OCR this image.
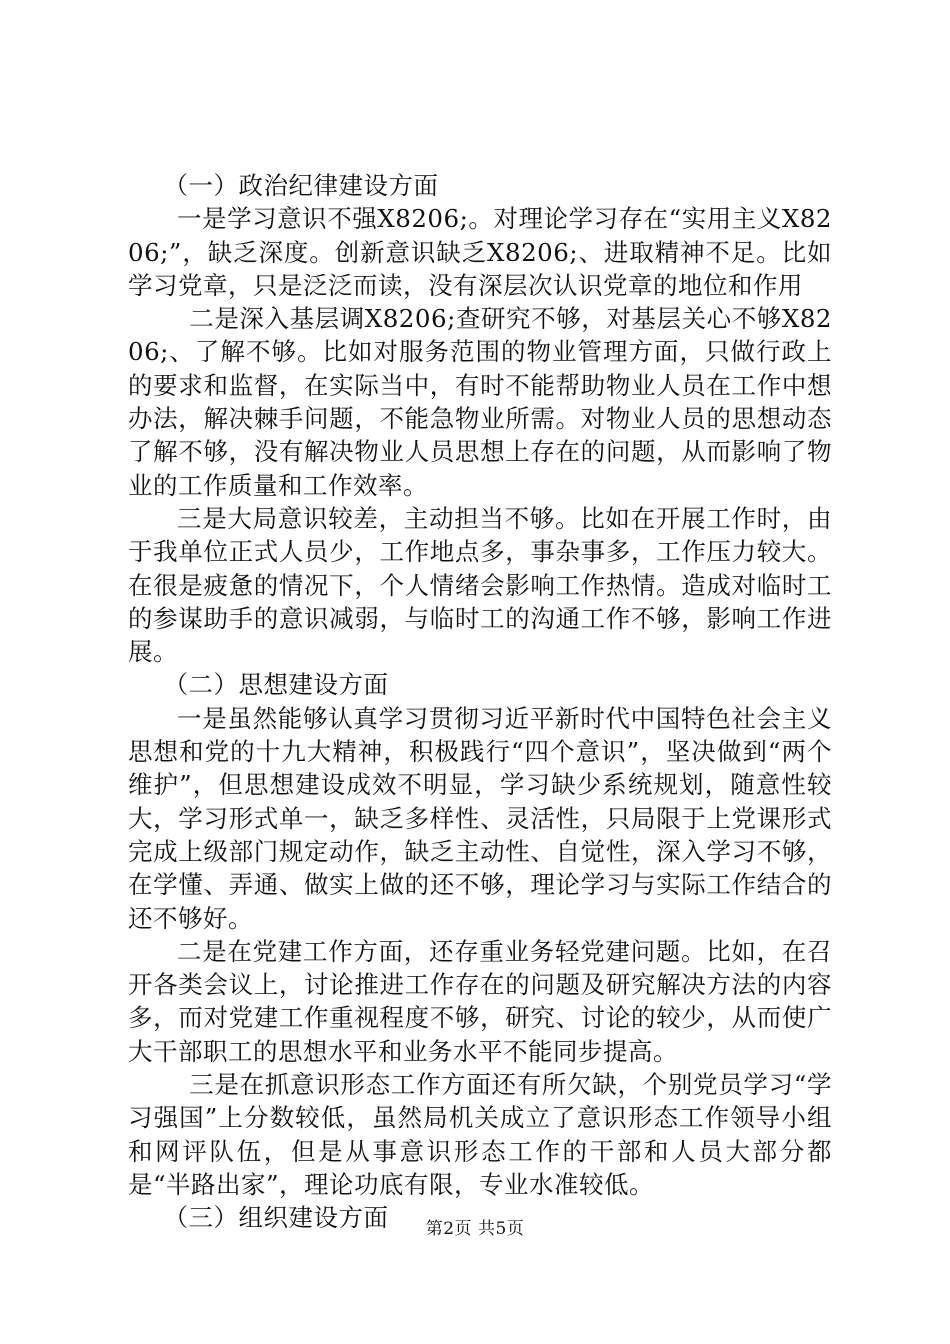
（一）政治纪律建设方面

一是学习意识不强X8206;。对理论学习存在“实用主义X8206;”，缺乏深度。创新意识缺乏X8206;、进取精神不足。比如学习党章，只是泛泛而读，没有深层次认识党章的地位和作用

二是深入基层调X8206;查研究不够，对基层关心不够X8206;、了解不够。比如对服务范围的物业管理方面，只做行政上的要求和监督，在实际当中，有时不能帮助物业人员在工作中想办法，解决棘手问题，不能急物业所需。对物业人员的思想动态了解不够，没有解决物业人员思想上存在的问题，从而影响了物业的工作质量和工作效率。

三是大局意识较差，主动担当不够。比如在开展工作时，由于我单位正式人员少，工作地点多，事杂事多，工作压力较大。在很是疲惫的情况下，个人情绪会影响工作热情。造成对临时工的参谋助手的意识减弱，与临时工的沟通工作不够，影响工作进展。

（二）思想建设方面

一是虽然能够认真学习贯彻习近平新时代中国特色社会主义思想和党的十九大精神，积极践行“四个意识”，坚决做到“两个维护”，但思想建设成效不明显，学习缺少系统规划，随意性较大，学习形式单一，缺乏多样性、灵活性，只局限于上党课形式完成上级部门规定动作，缺乏主动性、自觉性，深入学习不够，在学懂、弄通、做实上做的还不够，理论学习与实际工作结合的还不够好。

二是在党建工作方面，还存重业务轻党建问题。比如，在召开各类会议上，讨论推进工作存在的问题及研究解决方法的内容多，而对党建工作重视程度不够，研究、讨论的较少，从而使广大干部职工的思想水平和业务水平不能同步提高。

三是在抓意识形态工作方面还有所欠缺，个别党员学习“学习强国”上分数较低，虽然局机关成立了意识形态工作领导小组和网评队伍，但是从事意识形态工作的干部和人员大部分都是“半路出家”，理论功底有限，专业水准较低。

（三）组织建设方面	第2页 共5页
